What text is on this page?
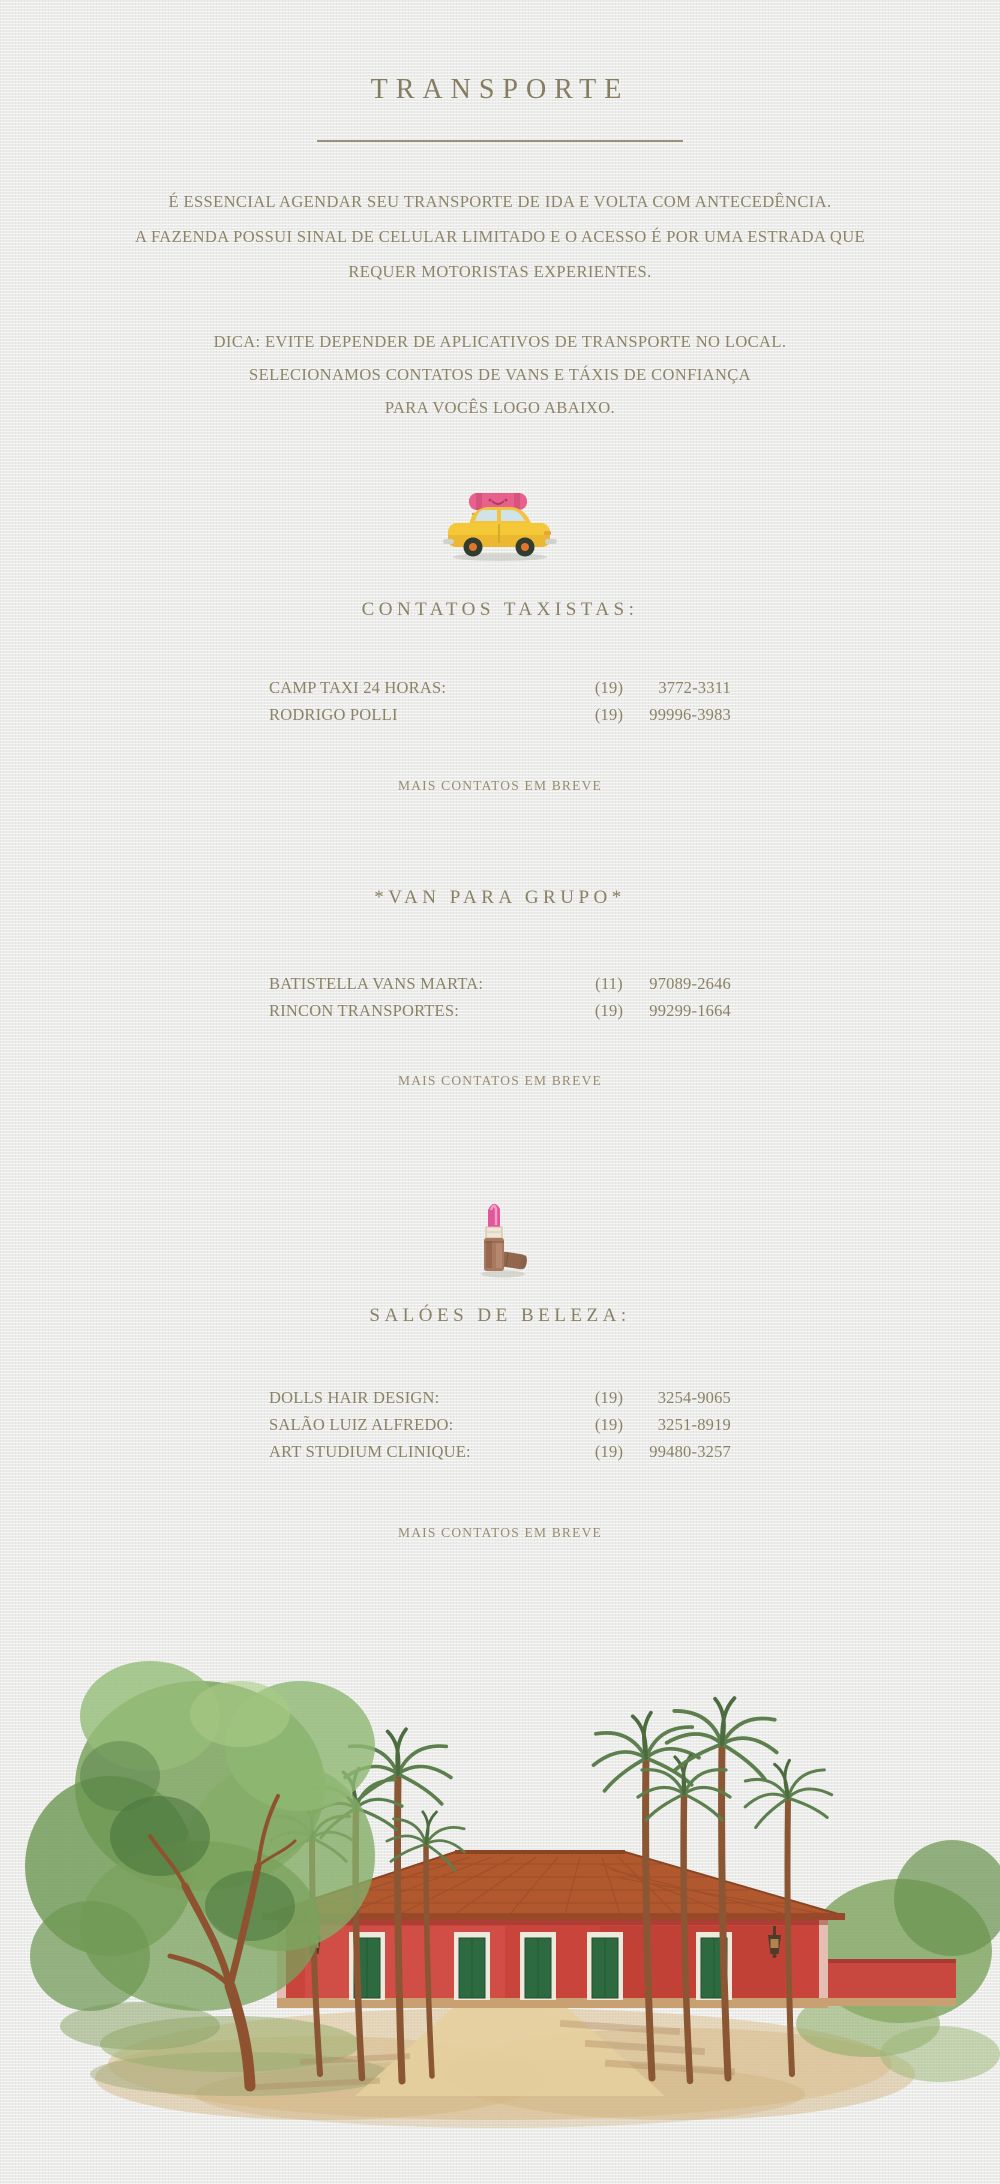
TRANSPORTE

É ESSENCIAL AGENDAR SEU TRANSPORTE DE IDA E VOLTA COM ANTECEDÊNCIA.
A FAZENDA POSSUI SINAL DE CELULAR LIMITADO E O ACESSO É POR UMA ESTRADA QUE
REQUER MOTORISTAS EXPERIENTES.

DICA: EVITE DEPENDER DE APLICATIVOS DE TRANSPORTE NO LOCAL.
SELECIONAMOS CONTATOS DE VANS E TÁXIS DE CONFIANÇA
PARA VOCÊS LOGO ABAIXO.

CONTATOS TAXISTAS:
CAMP TAXI 24 HORAS:	(19)	3772-3311
RODRIGO POLLI	(19)	99996-3983

MAIS CONTATOS EM BREVE

*VAN PARA GRUPO*
BATISTELLA VANS MARTA:	(11)	97089-2646
RINCON TRANSPORTES:	(19)	99299-1664

MAIS CONTATOS EM BREVE

SALÓES DE BELEZA:
DOLLS HAIR DESIGN:	(19)	3254-9065
SALÃO LUIZ ALFREDO:	(19)	3251-8919
ART STUDIUM CLINIQUE:	(19)	99480-3257

MAIS CONTATOS EM BREVE
